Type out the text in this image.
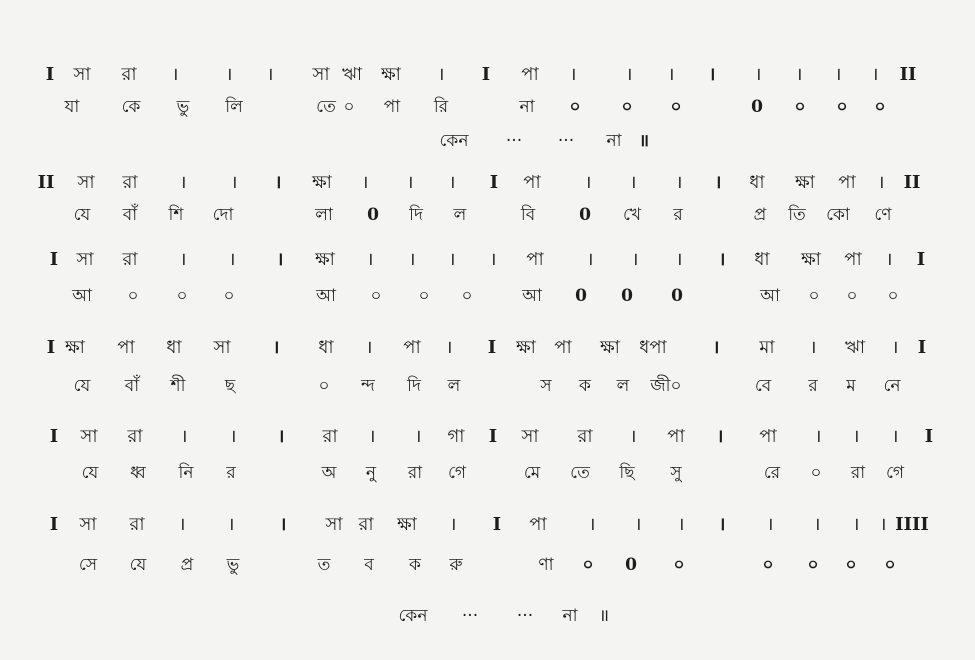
I সা রা ।	। । সা ঋা ক্ষা । I পা ।	। । । । । । । II
যা কে ভু লি	তে ০ পা রি	না ০ ০ ০	0 ০ ০ ০
কেন ··· ··· না ॥
II সা রা । । । ক্ষা । । । I পা । । । । ধা ক্ষা পা । II
যে বাঁ শি দো	লা 0 দি ল	বি	0 খে র	প্র তি কো ণে
I সা রা । । । ক্ষা । । । । পা । । । । ধা ক্ষা পা । I
আ ০ ০ ০	আ ০ ০ ০	আ 0 0 0	আ ০ ০ ০
I ক্ষা পা ধা সা । ধা । পা । I ক্ষা পা ক্ষা ধপা	। মা । ঋা । I
যে বাঁ শী ছ	০ ন্দ দি ল	স ক ল জী০	বে র ম নে
I সা রা । । । রা । । গা I সা রা । পা । পা । । । I
যে ধ্ব নি র	অ নু রা গে	মে তে ছি সু	রে ০ রা গে
I সা রা । ।	। সা রা ক্ষা । I পা । । । । । । । । IIII
সে যে প্র ভু	ত ব ক রু	ণা ০ 0 ০	০ ০ ০ ০
কেন ··· ··· না ॥
